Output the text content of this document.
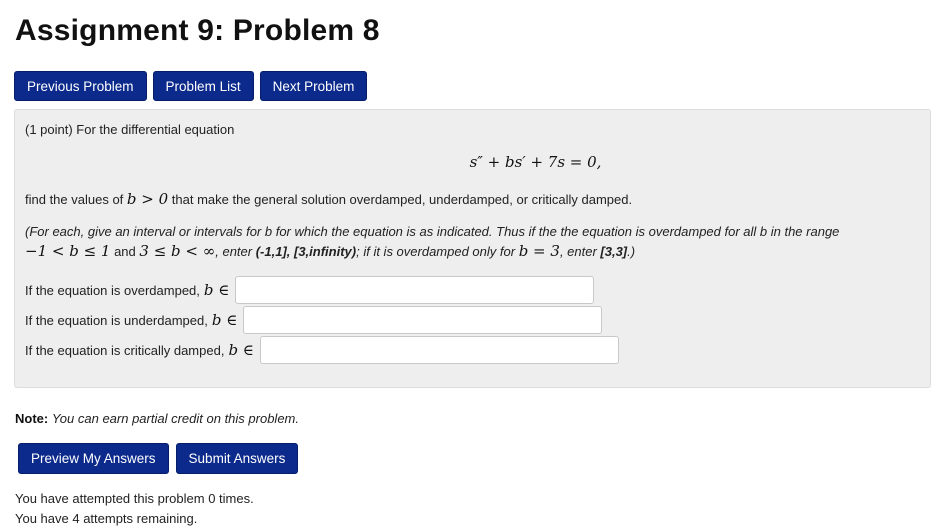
Assignment 9: Problem 8
Previous Problem	Problem List	Next Problem

(1 point) For the differential equation

s″ + bs′ + 7s = 0,

find the values of b > 0 that make the general solution overdamped, underdamped, or critically damped.

(For each, give an interval or intervals for b for which the equation is as indicated. Thus if the the equation is overdamped for all b in the range

−1 < b ≤ 1 and 3 ≤ b < ∞, enter (-1,1], [3,infinity); if it is overdamped only for b = 3, enter [3,3].)

If the equation is overdamped, b ∈
If the equation is underdamped, b ∈
If the equation is critically damped, b ∈
Note: You can earn partial credit on this problem.
Preview My Answers	Submit Answers
You have attempted this problem 0 times.
You have 4 attempts remaining.
